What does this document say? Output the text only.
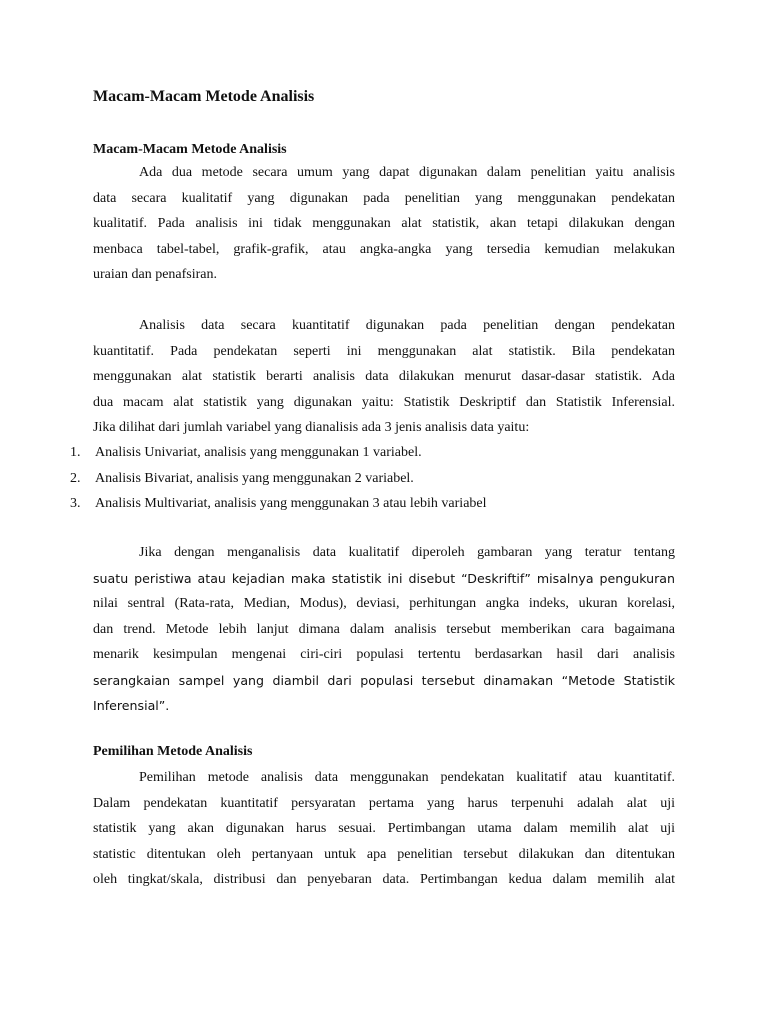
Macam-Macam Metode Analisis
Macam-Macam Metode Analisis

Ada dua metode secara umum yang dapat digunakan dalam penelitian yaitu analisis
data secara kualitatif yang digunakan pada penelitian yang menggunakan pendekatan
kualitatif. Pada analisis ini tidak menggunakan alat statistik, akan tetapi dilakukan dengan
menbaca tabel-tabel, grafik-grafik, atau angka-angka yang tersedia kemudian melakukan
uraian dan penafsiran.

Analisis data secara kuantitatif digunakan pada penelitian dengan pendekatan
kuantitatif. Pada pendekatan seperti ini menggunakan alat statistik. Bila pendekatan
menggunakan alat statistik berarti analisis data dilakukan menurut dasar-dasar statistik. Ada
dua macam alat statistik yang digunakan yaitu: Statistik Deskriptif dan Statistik Inferensial.
Jika dilihat dari jumlah variabel yang dianalisis ada 3 jenis analisis data yaitu:

1. Analisis Univariat, analisis yang menggunakan 1 variabel.
2. Analisis Bivariat, analisis yang menggunakan 2 variabel.
3. Analisis Multivariat, analisis yang menggunakan 3 atau lebih variabel

Jika dengan menganalisis data kualitatif diperoleh gambaran yang teratur tentang
suatu peristiwa atau kejadian maka statistik ini disebut “Deskriftif” misalnya pengukuran
nilai sentral (Rata-rata, Median, Modus), deviasi, perhitungan angka indeks, ukuran korelasi,
dan trend. Metode lebih lanjut dimana dalam analisis tersebut memberikan cara bagaimana
menarik kesimpulan mengenai ciri-ciri populasi tertentu berdasarkan hasil dari analisis
serangkaian sampel yang diambil dari populasi tersebut dinamakan “Metode Statistik
Inferensial”.

Pemilihan Metode Analisis

Pemilihan metode analisis data menggunakan pendekatan kualitatif atau kuantitatif.
Dalam pendekatan kuantitatif persyaratan pertama yang harus terpenuhi adalah alat uji
statistik yang akan digunakan harus sesuai. Pertimbangan utama dalam memilih alat uji
statistic ditentukan oleh pertanyaan untuk apa penelitian tersebut dilakukan dan ditentukan
oleh tingkat/skala, distribusi dan penyebaran data. Pertimbangan kedua dalam memilih alat
